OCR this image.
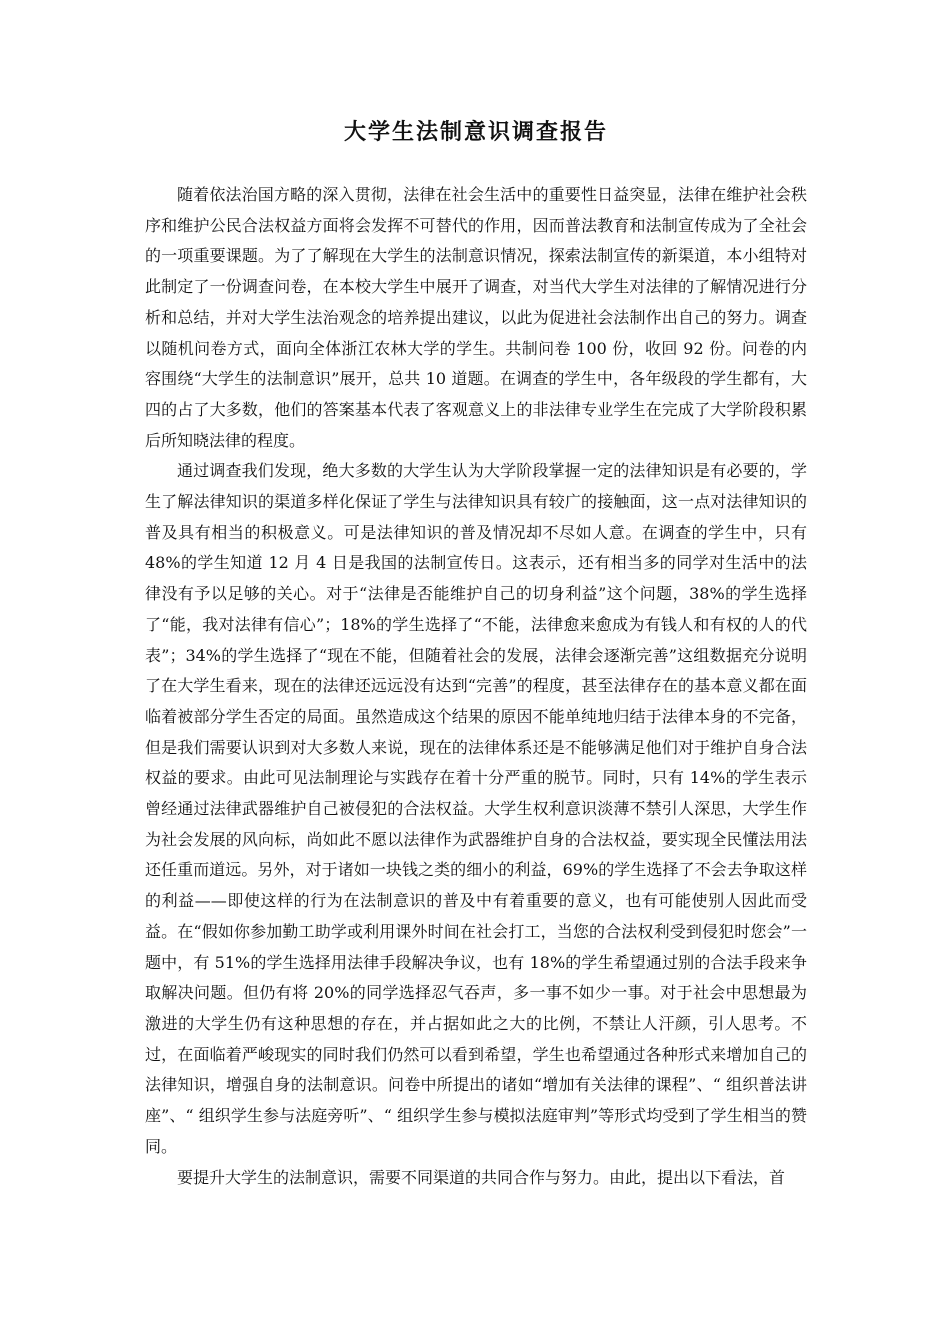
大学生法制意识调查报告

随着依法治国方略的深入贯彻，法律在社会生活中的重要性日益突显，法律在维护社会秩序和维护公民合法权益方面将会发挥不可替代的作用，因而普法教育和法制宣传成为了全社会的一项重要课题。为了了解现在大学生的法制意识情况，探索法制宣传的新渠道，本小组特对此制定了一份调查问卷，在本校大学生中展开了调查，对当代大学生对法律的了解情况进行分析和总结，并对大学生法治观念的培养提出建议，以此为促进社会法制作出自己的努力。调查以随机问卷方式，面向全体浙江农林大学的学生。共制问卷 100 份，收回 92 份。问卷的内容围绕“大学生的法制意识”展开，总共 10 道题。在调查的学生中，各年级段的学生都有，大四的占了大多数，他们的答案基本代表了客观意义上的非法律专业学生在完成了大学阶段积累后所知晓法律的程度。

通过调查我们发现，绝大多数的大学生认为大学阶段掌握一定的法律知识是有必要的，学生了解法律知识的渠道多样化保证了学生与法律知识具有较广的接触面，这一点对法律知识的普及具有相当的积极意义。可是法律知识的普及情况却不尽如人意。在调查的学生中，只有 48%的学生知道 12 月 4 日是我国的法制宣传日。这表示，还有相当多的同学对生活中的法律没有予以足够的关心。对于“法律是否能维护自己的切身利益”这个问题，38%的学生选择了“能，我对法律有信心”；18%的学生选择了“不能，法律愈来愈成为有钱人和有权的人的代表”；34%的学生选择了“现在不能，但随着社会的发展，法律会逐渐完善”这组数据充分说明了在大学生看来，现在的法律还远远没有达到“完善”的程度，甚至法律存在的基本意义都在面临着被部分学生否定的局面。虽然造成这个结果的原因不能单纯地归结于法律本身的不完备，但是我们需要认识到对大多数人来说，现在的法律体系还是不能够满足他们对于维护自身合法权益的要求。由此可见法制理论与实践存在着十分严重的脱节。同时，只有 14%的学生表示曾经通过法律武器维护自己被侵犯的合法权益。大学生权利意识淡薄不禁引人深思，大学生作为社会发展的风向标，尚如此不愿以法律作为武器维护自身的合法权益，要实现全民懂法用法还任重而道远。另外，对于诸如一块钱之类的细小的利益，69%的学生选择了不会去争取这样的利益——即使这样的行为在法制意识的普及中有着重要的意义，也有可能使别人因此而受益。在“假如你参加勤工助学或利用课外时间在社会打工，当您的合法权利受到侵犯时您会”一题中，有 51%的学生选择用法律手段解决争议，也有 18%的学生希望通过别的合法手段来争取解决问题。但仍有将 20%的同学选择忍气吞声，多一事不如少一事。对于社会中思想最为激进的大学生仍有这种思想的存在，并占据如此之大的比例，不禁让人汗颜，引人思考。不过，在面临着严峻现实的同时我们仍然可以看到希望，学生也希望通过各种形式来增加自己的法律知识，增强自身的法制意识。问卷中所提出的诸如“增加有关法律的课程”、“ 组织普法讲座”、“ 组织学生参与法庭旁听”、“ 组织学生参与模拟法庭审判”等形式均受到了学生相当的赞同。

要提升大学生的法制意识，需要不同渠道的共同合作与努力。由此，提出以下看法，首
